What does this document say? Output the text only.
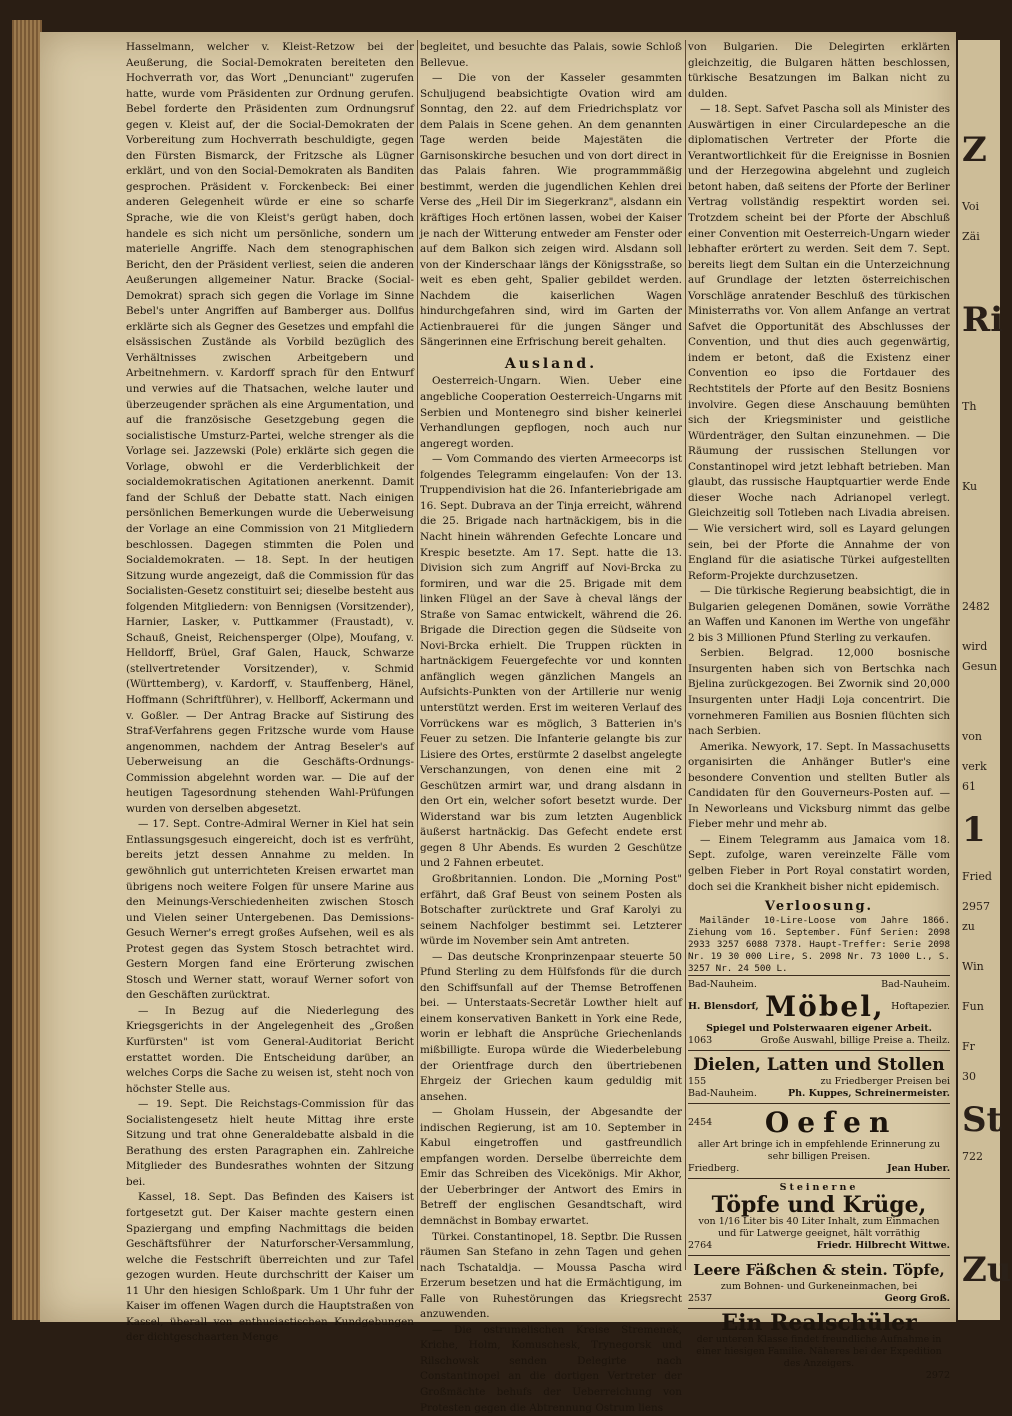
Hasselmann, welcher v. Kleist-Retzow bei der Aeußerung, die Social-Demokraten bereiteten den Hochverrath vor, das Wort „Denunciant" zugerufen hatte, wurde vom Präsidenten zur Ordnung gerufen. Bebel forderte den Präsidenten zum Ordnungsruf gegen v. Kleist auf, der die Social-Demokraten der Vorbereitung zum Hochverrath beschuldigte, gegen den Fürsten Bismarck, der Fritzsche als Lügner erklärt, und von den Social-Demokraten als Banditen gesprochen. Präsident v. Forckenbeck: Bei einer anderen Gelegenheit würde er eine so scharfe Sprache, wie die von Kleist's gerügt haben, doch handele es sich nicht um persönliche, sondern um materielle Angriffe. Nach dem stenographischen Bericht, den der Präsident verliest, seien die anderen Aeußerungen allgemeiner Natur. Bracke (Social-Demokrat) sprach sich gegen die Vorlage im Sinne Bebel's unter Angriffen auf Bamberger aus. Dollfus erklärte sich als Gegner des Gesetzes und empfahl die elsässischen Zustände als Vorbild bezüglich des Verhältnisses zwischen Arbeitgebern und Arbeitnehmern. v. Kardorff sprach für den Entwurf und verwies auf die Thatsachen, welche lauter und überzeugender sprächen als eine Argumentation, und auf die französische Gesetzgebung gegen die socialistische Umsturz-Partei, welche strenger als die Vorlage sei. Jazzewski (Pole) erklärte sich gegen die Vorlage, obwohl er die Verderblichkeit der socialdemokratischen Agitationen anerkennt. Damit fand der Schluß der Debatte statt. Nach einigen persönlichen Bemerkungen wurde die Ueberweisung der Vorlage an eine Commission von 21 Mitgliedern beschlossen. Dagegen stimmten die Polen und Socialdemokraten. — 18. Sept. In der heutigen Sitzung wurde angezeigt, daß die Commission für das Socialisten-Gesetz constituirt sei; dieselbe besteht aus folgenden Mitgliedern: von Bennigsen (Vorsitzender), Harnier, Lasker, v. Puttkammer (Fraustadt), v. Schauß, Gneist, Reichensperger (Olpe), Moufang, v. Helldorff, Brüel, Graf Galen, Hauck, Schwarze (stellvertretender Vorsitzender), v. Schmid (Württemberg), v. Kardorff, v. Stauffenberg, Hänel, Hoffmann (Schriftführer), v. Hellborff, Ackermann und v. Goßler. — Der Antrag Bracke auf Sistirung des Straf-Verfahrens gegen Fritzsche wurde vom Hause angenommen, nachdem der Antrag Beseler's auf Ueberweisung an die Geschäfts-Ordnungs-Commission abgelehnt worden war. — Die auf der heutigen Tagesordnung stehenden Wahl-Prüfungen wurden von derselben abgesetzt.

— 17. Sept. Contre-Admiral Werner in Kiel hat sein Entlassungsgesuch eingereicht, doch ist es verfrüht, bereits jetzt dessen Annahme zu melden. In gewöhnlich gut unterrichteten Kreisen erwartet man übrigens noch weitere Folgen für unsere Marine aus den Meinungs-Verschiedenheiten zwischen Stosch und Vielen seiner Untergebenen. Das Demissions-Gesuch Werner's erregt großes Aufsehen, weil es als Protest gegen das System Stosch betrachtet wird. Gestern Morgen fand eine Erörterung zwischen Stosch und Werner statt, worauf Werner sofort von den Geschäften zurücktrat.

— In Bezug auf die Niederlegung des Kriegsgerichts in der Angelegenheit des „Großen Kurfürsten" ist vom General-Auditoriat Bericht erstattet worden. Die Entscheidung darüber, an welches Corps die Sache zu weisen ist, steht noch von höchster Stelle aus.

— 19. Sept. Die Reichstags-Commission für das Socialistengesetz hielt heute Mittag ihre erste Sitzung und trat ohne Generaldebatte alsbald in die Berathung des ersten Paragraphen ein. Zahlreiche Mitglieder des Bundesrathes wohnten der Sitzung bei.

Kassel, 18. Sept. Das Befinden des Kaisers ist fortgesetzt gut. Der Kaiser machte gestern einen Spaziergang und empfing Nachmittags die beiden Geschäftsführer der Naturforscher-Versammlung, welche die Festschrift überreichten und zur Tafel gezogen wurden. Heute durchschritt der Kaiser um 11 Uhr den hiesigen Schloßpark. Um 1 Uhr fuhr der Kaiser im offenen Wagen durch die Hauptstraßen von Kassel, überall von enthusiastischen Kundgebungen der dichtgeschaarten Menge

begleitet, und besuchte das Palais, sowie Schloß Bellevue.

— Die von der Kasseler gesammten Schuljugend beabsichtigte Ovation wird am Sonntag, den 22. auf dem Friedrichsplatz vor dem Palais in Scene gehen. An dem genannten Tage werden beide Majestäten die Garnisonskirche besuchen und von dort direct in das Palais fahren. Wie programmmäßig bestimmt, werden die jugendlichen Kehlen drei Verse des „Heil Dir im Siegerkranz", alsdann ein kräftiges Hoch ertönen lassen, wobei der Kaiser je nach der Witterung entweder am Fenster oder auf dem Balkon sich zeigen wird. Alsdann soll von der Kinderschaar längs der Königsstraße, so weit es eben geht, Spalier gebildet werden. Nachdem die kaiserlichen Wagen hindurchgefahren sind, wird im Garten der Actienbrauerei für die jungen Sänger und Sängerinnen eine Erfrischung bereit gehalten.

Ausland.

Oesterreich-Ungarn. Wien. Ueber eine angebliche Cooperation Oesterreich-Ungarns mit Serbien und Montenegro sind bisher keinerlei Verhandlungen gepflogen, noch auch nur angeregt worden.

— Vom Commando des vierten Armeecorps ist folgendes Telegramm eingelaufen: Von der 13. Truppendivision hat die 26. Infanteriebrigade am 16. Sept. Dubrava an der Tinja erreicht, während die 25. Brigade nach hartnäckigem, bis in die Nacht hinein währenden Gefechte Loncare und Krespic besetzte. Am 17. Sept. hatte die 13. Division sich zum Angriff auf Novi-Brcka zu formiren, und war die 25. Brigade mit dem linken Flügel an der Save à cheval längs der Straße von Samac entwickelt, während die 26. Brigade die Direction gegen die Südseite von Novi-Brcka erhielt. Die Truppen rückten in hartnäckigem Feuergefechte vor und konnten anfänglich wegen gänzlichen Mangels an Aufsichts-Punkten von der Artillerie nur wenig unterstützt werden. Erst im weiteren Verlauf des Vorrückens war es möglich, 3 Batterien in's Feuer zu setzen. Die Infanterie gelangte bis zur Lisiere des Ortes, erstürmte 2 daselbst angelegte Verschanzungen, von denen eine mit 2 Geschützen armirt war, und drang alsdann in den Ort ein, welcher sofort besetzt wurde. Der Widerstand war bis zum letzten Augenblick äußerst hartnäckig. Das Gefecht endete erst gegen 8 Uhr Abends. Es wurden 2 Geschütze und 2 Fahnen erbeutet.

Großbritannien. London. Die „Morning Post" erfährt, daß Graf Beust von seinem Posten als Botschafter zurücktrete und Graf Karolyi zu seinem Nachfolger bestimmt sei. Letzterer würde im November sein Amt antreten.

— Das deutsche Kronprinzenpaar steuerte 50 Pfund Sterling zu dem Hülfsfonds für die durch den Schiffsunfall auf der Themse Betroffenen bei. — Unterstaats-Secretär Lowther hielt auf einem konservativen Bankett in York eine Rede, worin er lebhaft die Ansprüche Griechenlands mißbilligte. Europa würde die Wiederbelebung der Orientfrage durch den übertriebenen Ehrgeiz der Griechen kaum geduldig mit ansehen.

— Gholam Hussein, der Abgesandte der indischen Regierung, ist am 10. September in Kabul eingetroffen und gastfreundlich empfangen worden. Derselbe überreichte dem Emir das Schreiben des Vicekönigs. Mir Akhor, der Ueberbringer der Antwort des Emirs in Betreff der englischen Gesandtschaft, wird demnächst in Bombay erwartet.

Türkei. Constantinopel, 18. Septbr. Die Russen räumen San Stefano in zehn Tagen und gehen nach Tschataldja. — Moussa Pascha wird Erzerum besetzen und hat die Ermächtigung, im Falle von Ruhestörungen das Kriegsrecht anzuwenden.

— Die ostrumelischen Kreise Stremenek, Kriche, Holm, Komuschesk, Trynegorsk und Rilschowsk senden Delegirte nach Constantinopel an die dortigen Vertreter der Großmächte behufs der Ueberreichung von Protesten gegen die Abtrennung Ostrum liens

von Bulgarien. Die Delegirten erklärten gleichzeitig, die Bulgaren hätten beschlossen, türkische Besatzungen im Balkan nicht zu dulden.

— 18. Sept. Safvet Pascha soll als Minister des Auswärtigen in einer Circulardepesche an die diplomatischen Vertreter der Pforte die Verantwortlichkeit für die Ereignisse in Bosnien und der Herzegowina abgelehnt und zugleich betont haben, daß seitens der Pforte der Berliner Vertrag vollständig respektirt worden sei. Trotzdem scheint bei der Pforte der Abschluß einer Convention mit Oesterreich-Ungarn wieder lebhafter erörtert zu werden. Seit dem 7. Sept. bereits liegt dem Sultan ein die Unterzeichnung auf Grundlage der letzten österreichischen Vorschläge anratender Beschluß des türkischen Ministerraths vor. Von allem Anfange an vertrat Safvet die Opportunität des Abschlusses der Convention, und thut dies auch gegenwärtig, indem er betont, daß die Existenz einer Convention eo ipso die Fortdauer des Rechtstitels der Pforte auf den Besitz Bosniens involvire. Gegen diese Anschauung bemühten sich der Kriegsminister und geistliche Würdenträger, den Sultan einzunehmen. — Die Räumung der russischen Stellungen vor Constantinopel wird jetzt lebhaft betrieben. Man glaubt, das russische Hauptquartier werde Ende dieser Woche nach Adrianopel verlegt. Gleichzeitig soll Totleben nach Livadia abreisen. — Wie versichert wird, soll es Layard gelungen sein, bei der Pforte die Annahme der von England für die asiatische Türkei aufgestellten Reform-Projekte durchzusetzen.

— Die türkische Regierung beabsichtigt, die in Bulgarien gelegenen Domänen, sowie Vorräthe an Waffen und Kanonen im Werthe von ungefähr 2 bis 3 Millionen Pfund Sterling zu verkaufen.

Serbien. Belgrad. 12,000 bosnische Insurgenten haben sich von Bertschka nach Bjelina zurückgezogen. Bei Zwornik sind 20,000 Insurgenten unter Hadji Loja concentrirt. Die vornehmeren Familien aus Bosnien flüchten sich nach Serbien.

Amerika. Newyork, 17. Sept. In Massachusetts organisirten die Anhänger Butler's eine besondere Convention und stellten Butler als Candidaten für den Gouverneurs-Posten auf. — In Neworleans und Vicksburg nimmt das gelbe Fieber mehr und mehr ab.

— Einem Telegramm aus Jamaica vom 18. Sept. zufolge, waren vereinzelte Fälle vom gelben Fieber in Port Royal constatirt worden, doch sei die Krankheit bisher nicht epidemisch.

Verloosung.

Mailänder 10-Lire-Loose vom Jahre 1866. Ziehung vom 16. September. Fünf Serien: 2098 2933 3257 6088 7378. Haupt-Treffer: Serie 2098 Nr. 19 30 000 Lire, S. 2098 Nr. 73 1000 L., S. 3257 Nr. 24 500 L.

Bad-Nauheim.	Bad-Nauheim.
H. Blensdorf, Möbel, Hoftapezier.
Spiegel und Polsterwaaren eigener Arbeit.
1063	Große Auswahl, billige Preise a. Theilz.
Dielen, Latten und Stollen
155	zu Friedberger Preisen bei
Bad-Nauheim.	Ph. Kuppes, Schreinermeister.
2454 Oefen
aller Art bringe ich in empfehlende Erinnerung zu sehr billigen Preisen.
Friedberg.	Jean Huber.
Steinerne
Töpfe und Krüge,
von 1/16 Liter bis 40 Liter Inhalt, zum Einmachen und für Latwerge geeignet, hält vorräthig
2764	Friedr. Hilbrecht Wittwe.
Leere Fäßchen & stein. Töpfe,
zum Bohnen- und Gurkeneinmachen, bei
2537	Georg Groß.
Ein Realschüler
der unteren Klasse findet freundliche Aufnahme in einer hiesigen Familie. Näheres bei der Expedition des Anzeigers.
2972
Z
Voi
Zäi
Ri
Th
Ku
2482
wird
Gesun
von
verk
61
1
Fried
2957
zu
Win
Fun
Fr
30
St
722
Zu
